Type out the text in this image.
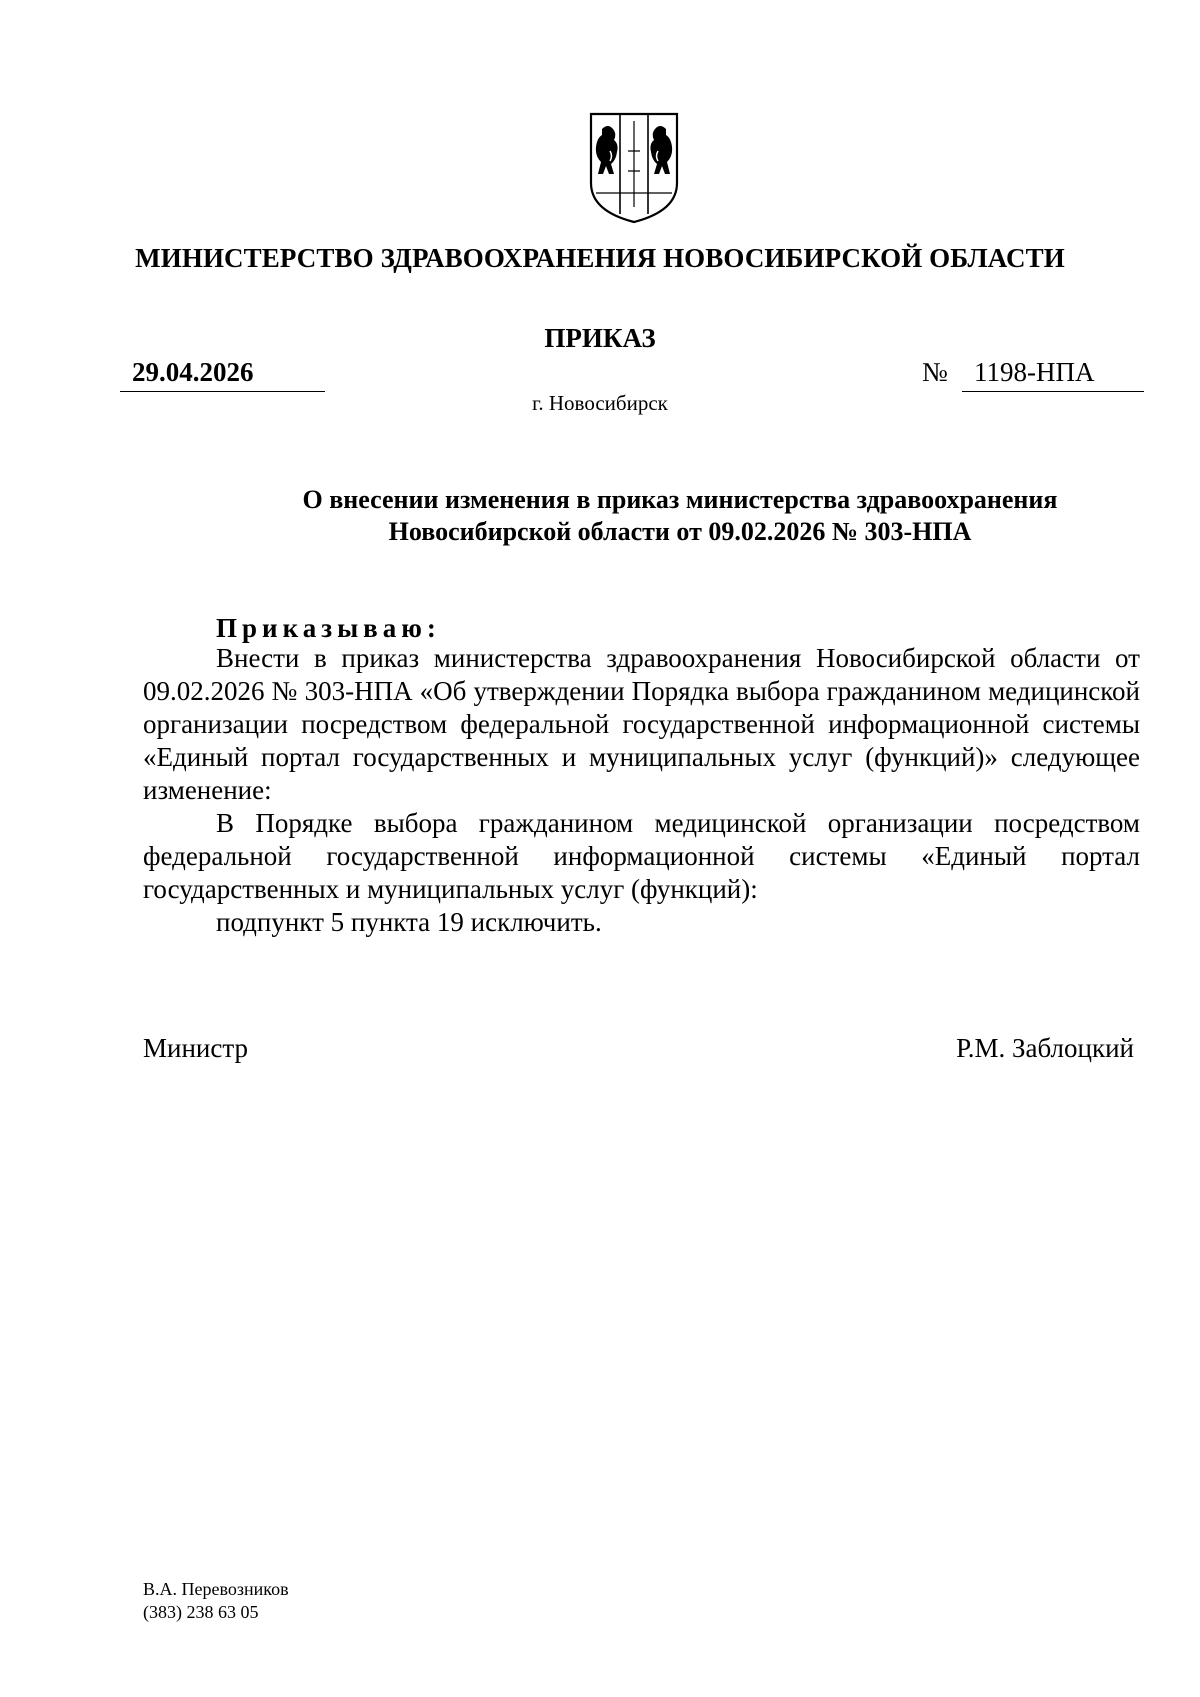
МИНИСТЕРСТВО ЗДРАВООХРАНЕНИЯ НОВОСИБИРСКОЙ ОБЛАСТИ
ПРИКАЗ
29.04.2026	№ 1198-НПА
г. Новосибирск
О внесении изменения в приказ министерства здравоохранения
Новосибирской области от 09.02.2026 № 303-НПА
Приказываю:

Внести в приказ министерства здравоохранения Новосибирской области от 09.02.2026 № 303-НПА «Об утверждении Порядка выбора гражданином медицинской организации посредством федеральной государственной информационной системы «Единый портал государственных и муниципальных услуг (функций)» следующее изменение:

В Порядке выбора гражданином медицинской организации посредством федеральной государственной информационной системы «Единый портал государственных и муниципальных услуг (функций):

подпункт 5 пункта 19 исключить.

Министр	Р.М. Заблоцкий
В.А. Перевозников
(383) 238 63 05
